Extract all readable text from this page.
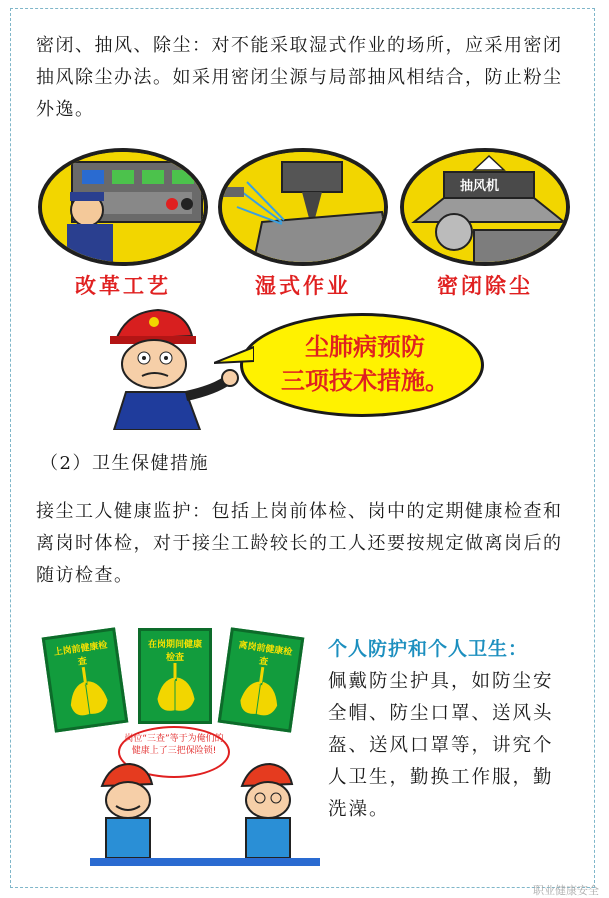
密闭、抽风、除尘：对不能采取湿式作业的场所，应采用密闭抽风除尘办法。如采用密闭尘源与局部抽风相结合，防止粉尘外逸。

抽风机
改革工艺	湿式作业	密闭除尘
尘肺病预防
三项技术措施。

（2）卫生保健措施

接尘工人健康监护：包括上岗前体检、岗中的定期健康检查和离岗时体检，对于接尘工龄较长的工人还要按规定做离岗后的随访检查。

上岗前健康检查
在岗期间健康检查	离岗前健康检查
岗位“三查”等于为俺们的健康上了三把保险锁!
个人防护和个人卫生：

佩戴防尘护具，如防尘安全帽、防尘口罩、送风头盔、送风口罩等，讲究个人卫生，勤换工作服，勤洗澡。

职业健康安全
